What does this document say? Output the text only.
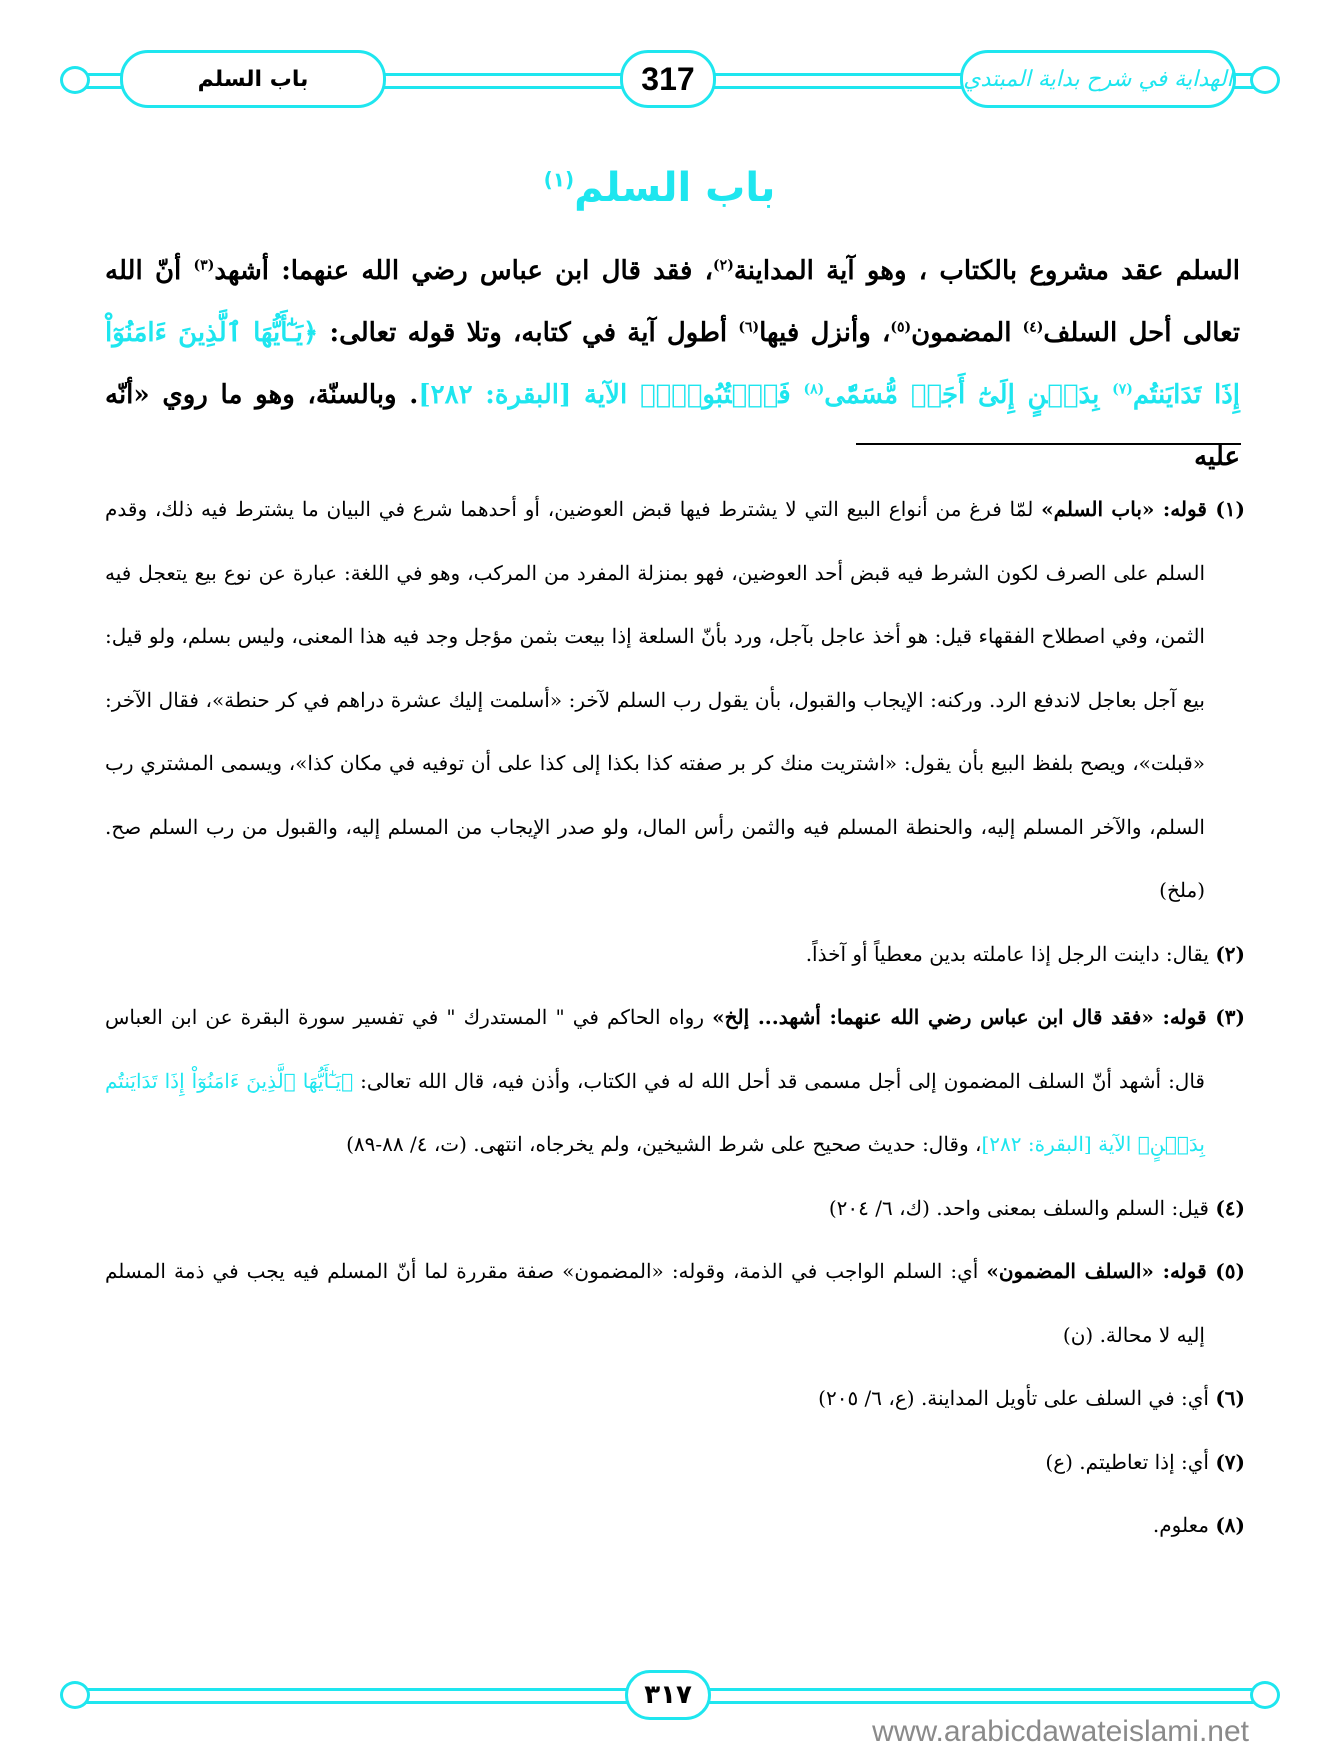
باب السلم	317	الهداية في شرح بداية المبتدي
باب السلم$^{(١)}$
السلم عقد مشروع بالكتاب ، وهو آية المداينة$^{(٢)}$، فقد قال ابن عباس رضي الله عنهما: أشهد$^{(٣)}$ أنّ الله تعالى أحل السلف$^{(٤)}$ المضمون$^{(٥)}$، وأنزل فيها$^{(٦)}$ أطول آية في كتابه، وتلا قوله تعالى: ﴿يَـٰٓأَيُّهَا ٱلَّذِينَ ءَامَنُوٓاْ إِذَا تَدَايَنتُم$^{(٧)}$ بِدَيۡنٍ إِلَىٰٓ أَجَلٖ مُّسَمّٗى$^{(٨)}$ فَٱكۡتُبُوهُۚ﴾ الآية [البقرة: ٢٨٢]. وبالسنّة، وهو ما روي «أنّه عليه
(١) قوله: «باب السلم» لمّا فرغ من أنواع البيع التي لا يشترط فيها قبض العوضين، أو أحدهما شرع في البيان ما يشترط فيه ذلك، وقدم السلم على الصرف لكون الشرط فيه قبض أحد العوضين، فهو بمنزلة المفرد من المركب، وهو في اللغة: عبارة عن نوع بيع يتعجل فيه الثمن، وفي اصطلاح الفقهاء قيل: هو أخذ عاجل بآجل، ورد بأنّ السلعة إذا بيعت بثمن مؤجل وجد فيه هذا المعنى، وليس بسلم، ولو قيل: بيع آجل بعاجل لاندفع الرد. وركنه: الإيجاب والقبول، بأن يقول رب السلم لآخر: «أسلمت إليك عشرة دراهم في كر حنطة»، فقال الآخر: «قبلت»، ويصح بلفظ البيع بأن يقول: «اشتريت منك كر بر صفته كذا بكذا إلى كذا على أن توفيه في مكان كذا»، ويسمى المشتري رب السلم، والآخر المسلم إليه، والحنطة المسلم فيه والثمن رأس المال، ولو صدر الإيجاب من المسلم إليه، والقبول من رب السلم صح. (ملخ)
(٢) يقال: داينت الرجل إذا عاملته بدين معطياً أو آخذاً.
(٣) قوله: «فقد قال ابن عباس رضي الله عنهما: أشهد... إلخ» رواه الحاكم في " المستدرك " في تفسير سورة البقرة عن ابن العباس قال: أشهد أنّ السلف المضمون إلى أجل مسمى قد أحل الله له في الكتاب، وأذن فيه، قال الله تعالى: ﴿يَـٰٓأَيُّهَا ٱلَّذِينَ ءَامَنُوٓاْ إِذَا تَدَايَنتُم بِدَيۡنٍ﴾ الآية [البقرة: ٢٨٢]، وقال: حديث صحيح على شرط الشيخين، ولم يخرجاه، انتهى. (ت، ٤/ ٨٨-٨٩)
(٤) قيل: السلم والسلف بمعنى واحد. (ك، ٦/ ٢٠٤)
(٥) قوله: «السلف المضمون» أي: السلم الواجب في الذمة، وقوله: «المضمون» صفة مقررة لما أنّ المسلم فيه يجب في ذمة المسلم إليه لا محالة. (ن)
(٦) أي: في السلف على تأويل المداينة. (ع، ٦/ ٢٠٥)
(٧) أي: إذا تعاطيتم. (ع)
(٨) معلوم.
٣١٧
www.arabicdawateislami.net
